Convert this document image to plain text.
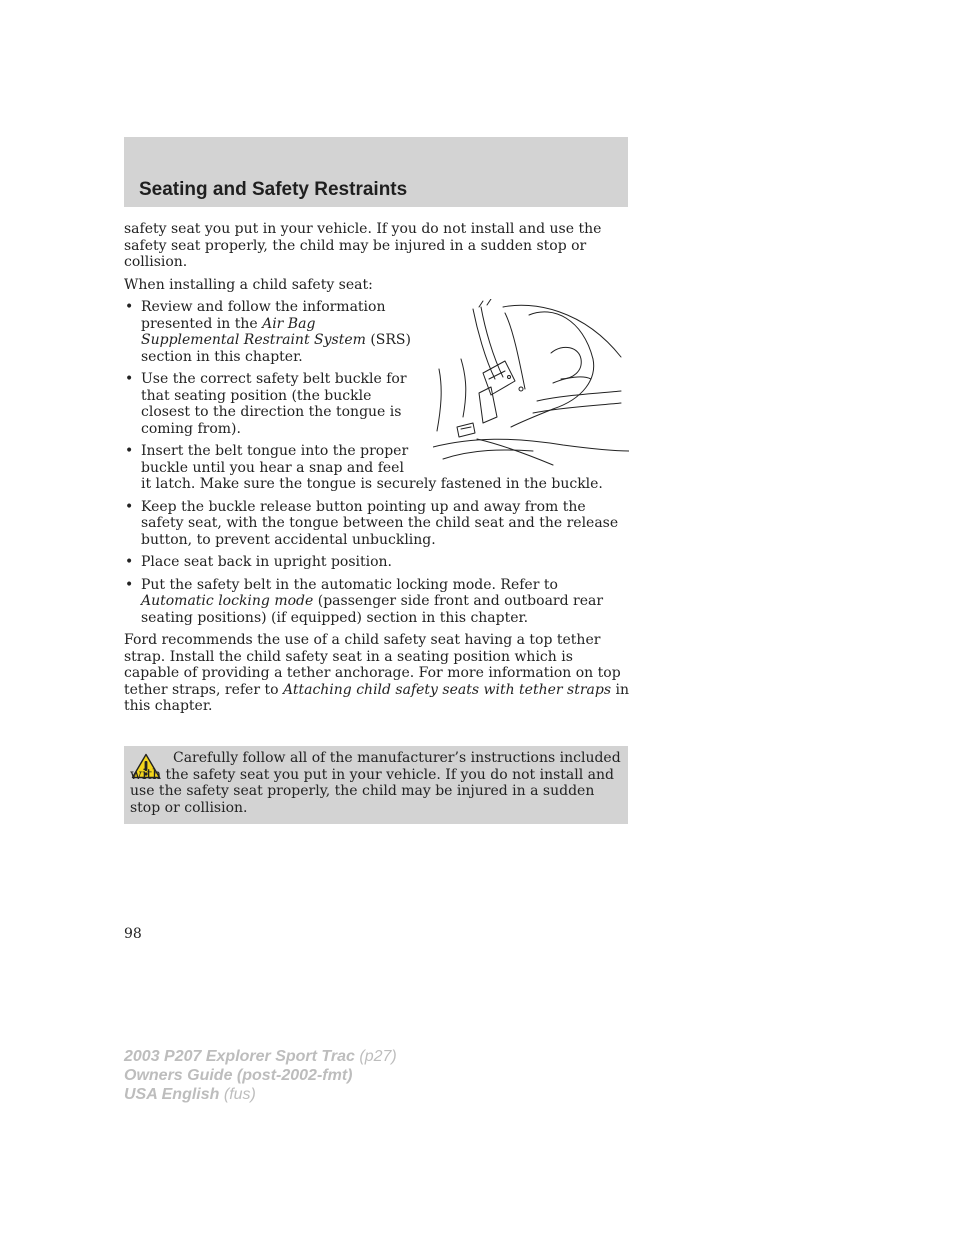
Seating and Safety Restraints

safety seat you put in your vehicle. If you do not install and use the safety seat properly, the child may be injured in a sudden stop or collision.

When installing a child safety seat:

• Review and follow the information presented in the Air Bag Supplemental Restraint System (SRS) section in this chapter.
• Use the correct safety belt buckle for that seating position (the buckle closest to the direction the tongue is coming from).
• Insert the belt tongue into the proper buckle until you hear a snap and feel it latch. Make sure the tongue is securely fastened in the buckle.
• Keep the buckle release button pointing up and away from the safety seat, with the tongue between the child seat and the release button, to prevent accidental unbuckling.
• Place seat back in upright position.
• Put the safety belt in the automatic locking mode. Refer to Automatic locking mode (passenger side front and outboard rear seating positions) (if equipped) section in this chapter.

Ford recommends the use of a child safety seat having a top tether strap. Install the child safety seat in a seating position which is capable of providing a tether anchorage. For more information on top tether straps, refer to Attaching child safety seats with tether straps in this chapter.

Carefully follow all of the manufacturer’s instructions included with the safety seat you put in your vehicle. If you do not install and use the safety seat properly, the child may be injured in a sudden stop or collision.
98
2003 P207 Explorer Sport Trac (p27)
Owners Guide (post-2002-fmt)
USA English (fus)
